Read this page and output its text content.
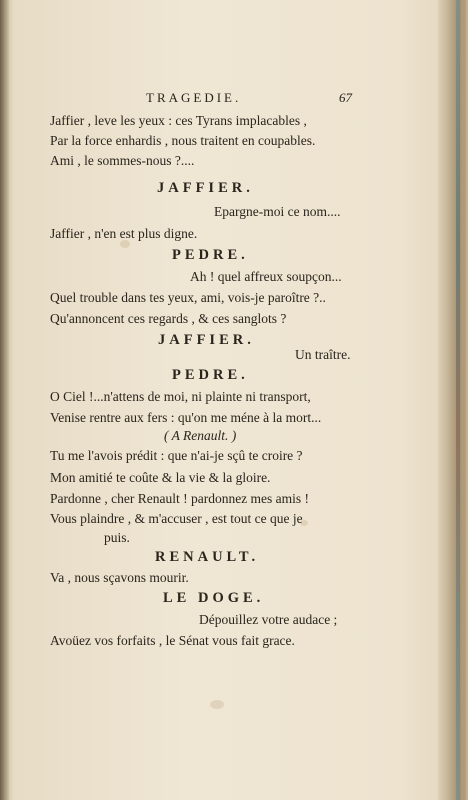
TRAGEDIE.	67
Jaffier , leve les yeux : ces Tyrans implacables ,
Par la force enhardis , nous traitent en coupables.
Ami , le sommes-nous ?....
JAFFIER.
Epargne-moi ce nom....
Jaffier , n'en est plus digne.
PEDRE.
Ah ! quel affreux soupçon...
Quel trouble dans tes yeux, ami, vois-je paroître ?..
Qu'annoncent ces regards , & ces sanglots ?
JAFFIER.
Un traître.
PEDRE.
O Ciel !...n'attens de moi, ni plainte ni transport,
Venise rentre aux fers : qu'on me méne à la mort...
( A Renault. )
Tu me l'avois prédit : que n'ai-je sçû te croire ?
Mon amitié te coûte & la vie & la gloire.
Pardonne , cher Renault ! pardonnez mes amis !
Vous plaindre , & m'accuser , est tout ce que je
puis.
RENAULT.
Va , nous sçavons mourir.
LE DOGE.
Dépouillez votre audace ;
Avoüez vos forfaits , le Sénat vous fait grace.
